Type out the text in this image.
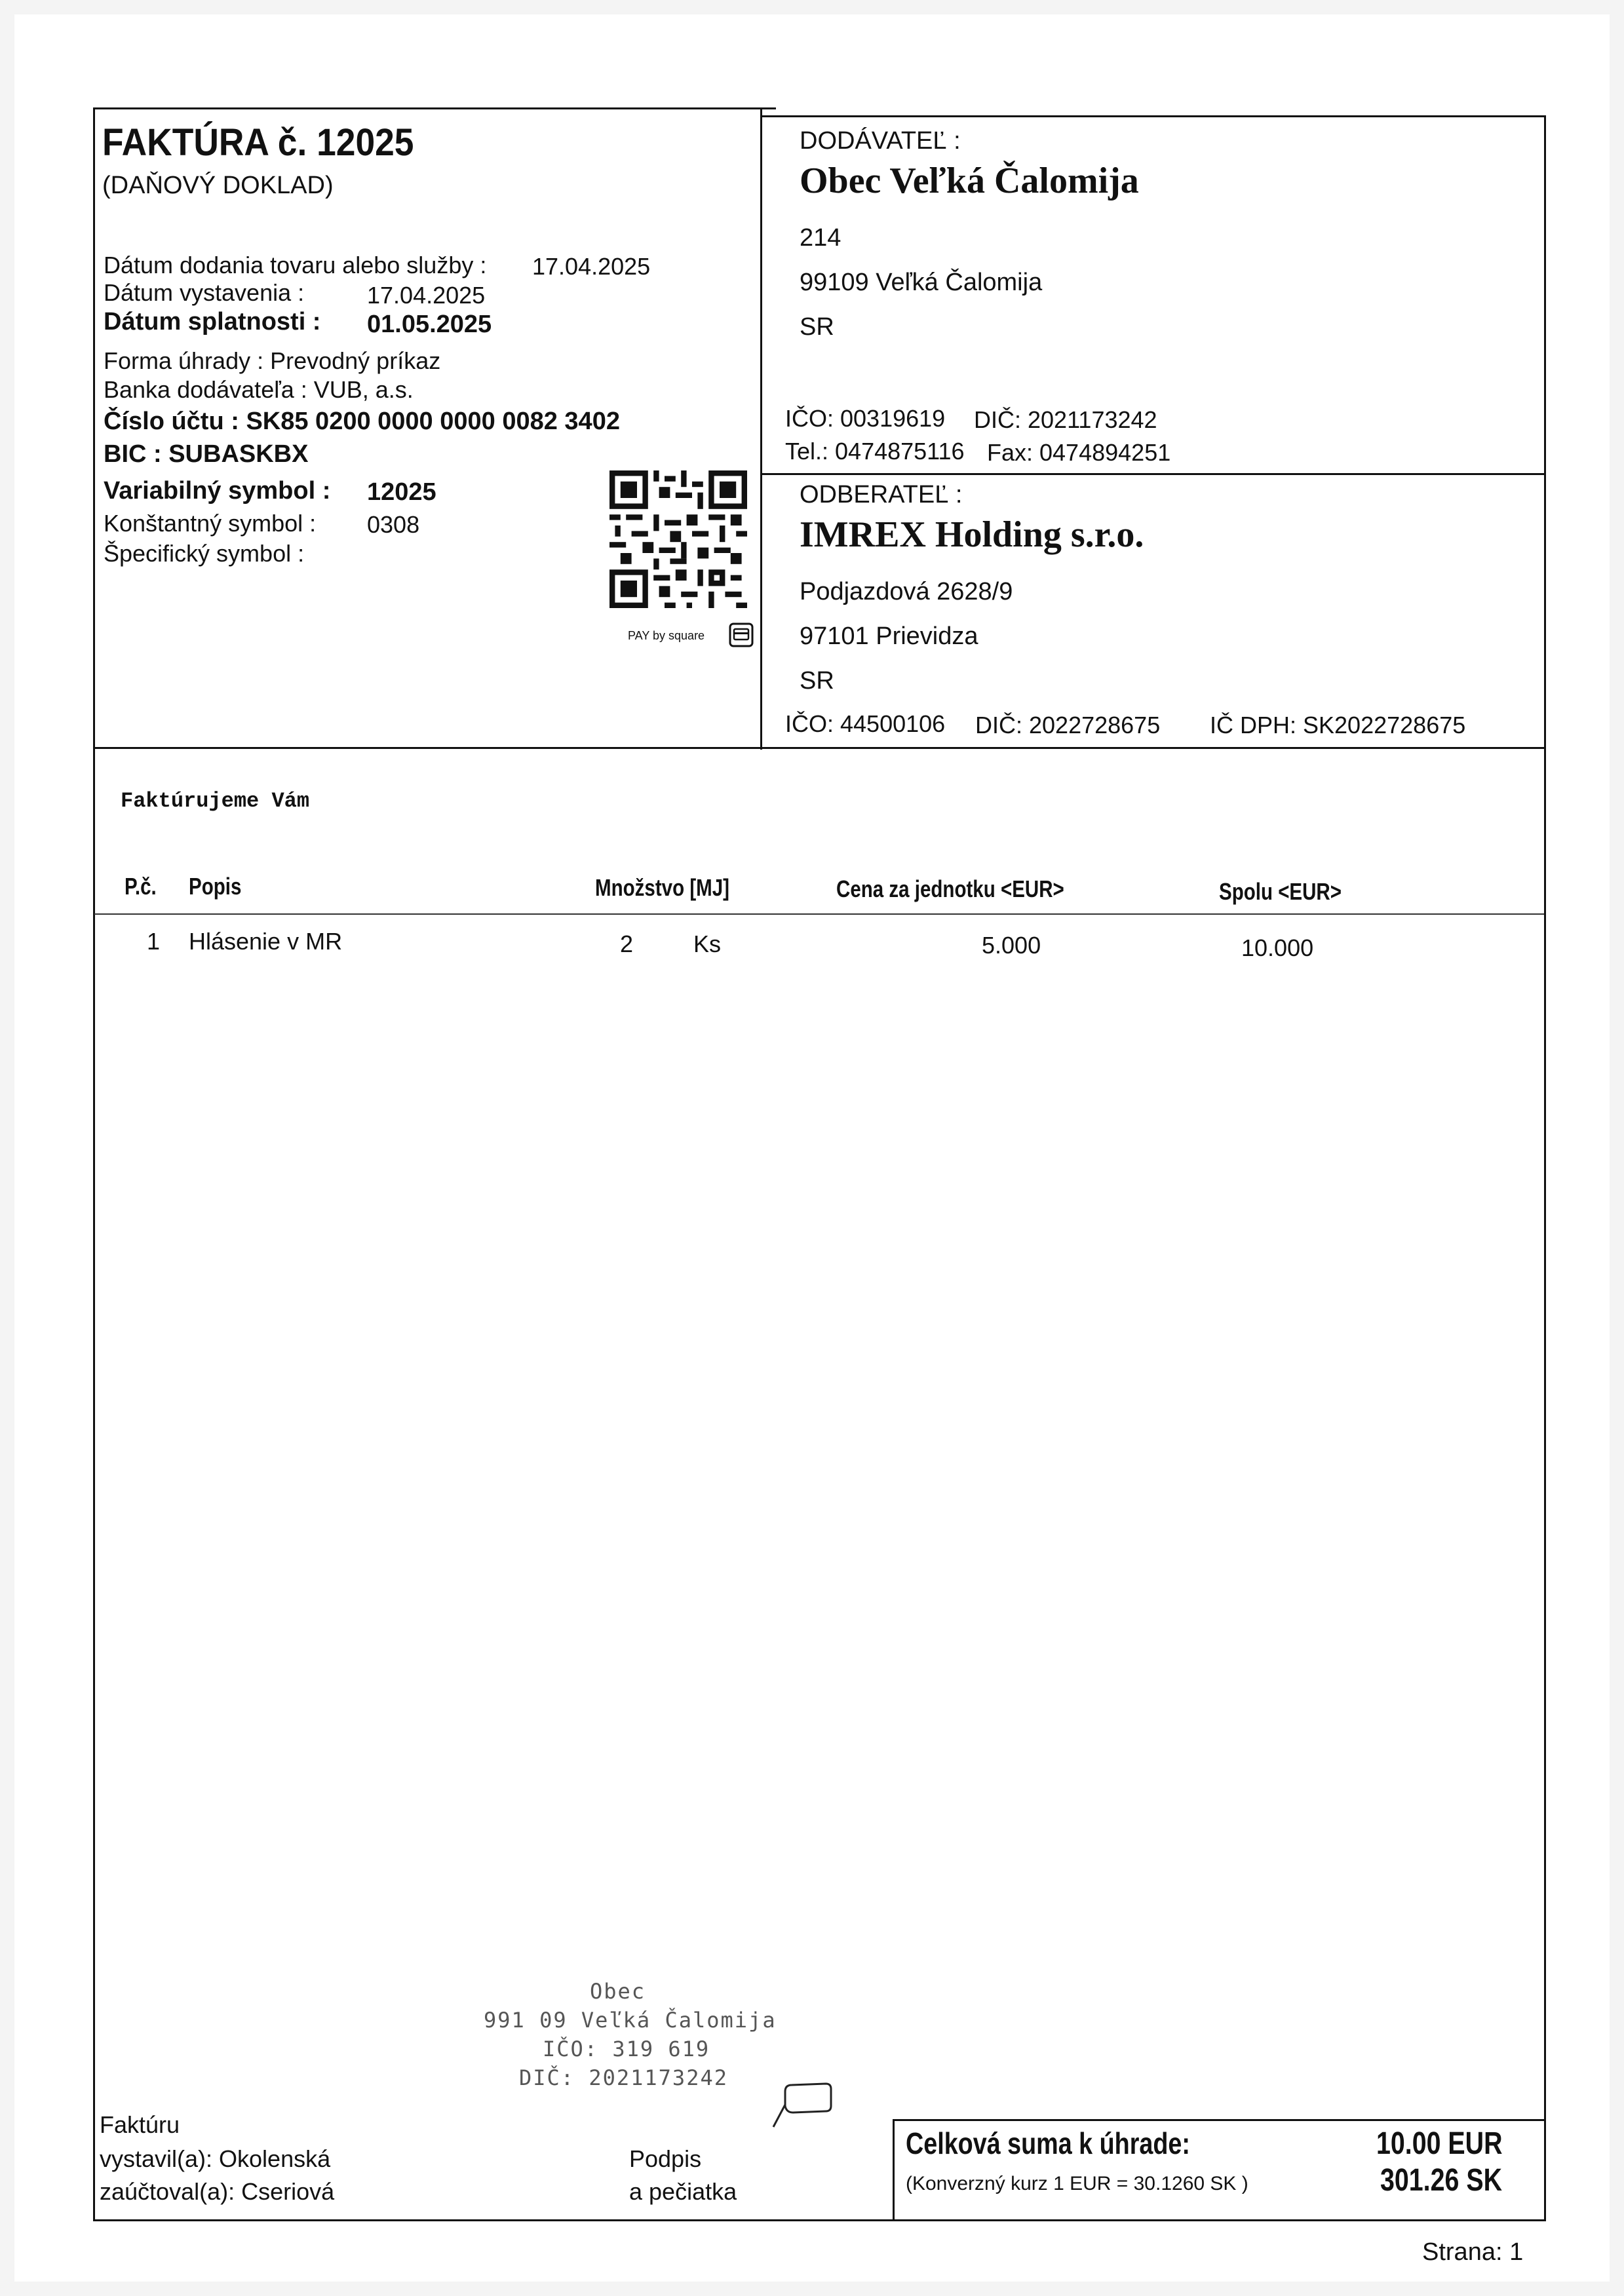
FAKTÚRA č. 12025
(DAŇOVÝ DOKLAD)
Dátum dodania tovaru alebo služby : 17.04.2025
Dátum vystavenia :	17.04.2025
Dátum splatnosti : 01.05.2025
Forma úhrady : Prevodný príkaz
Banka dodávateľa : VUB, a.s.
Číslo účtu : SK85 0200 0000 0000 0082 3402
BIC : SUBASKBX
Variabilný symbol : 12025
Konštantný symbol : 0308
Špecifický symbol :
PAY by square
DODÁVATEĽ :
Obec Veľká Čalomija
214
99109 Veľká Čalomija
SR
IČO: 00319619 DIČ: 2021173242
Tel.: 0474875116 Fax: 0474894251
ODBERATEĽ :
IMREX Holding s.r.o.
Podjazdová 2628/9
97101 Prievidza
SR
IČO: 44500106 DIČ: 2022728675 IČ DPH: SK2022728675
Faktúrujeme Vám
P.č. Popis	Množstvo [MJ]	Cena za jednotku <EUR>	Spolu <EUR>
1 Hlásenie v MR	2	Ks	5.000	10.000
Obec
991 09 Veľká Čalomija
IČO: 319 619
DIČ: 2021173242
Faktúru
vystavil(a): Okolenská
zaúčtoval(a): Cseriová
Podpis
a pečiatka
Celková suma k úhrade:
(Konverzný kurz 1 EUR = 30.1260 SK )
10.00 EUR
301.26 SK
Strana: 1
